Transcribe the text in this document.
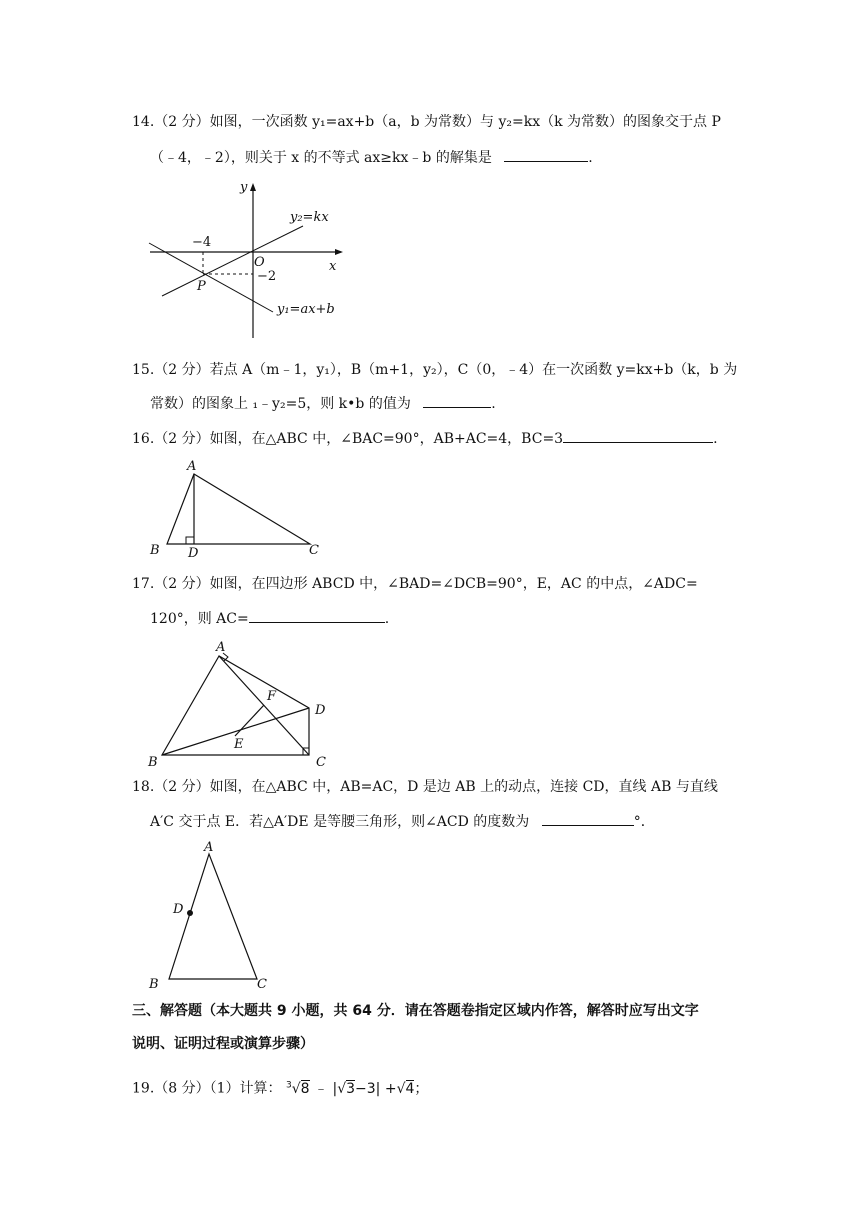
14.（2 分）如图，一次函数 y₁=ax+b（a，b 为常数）与 y₂=kx（k 为常数）的图象交于点 P
（﹣4，﹣2），则关于 x 的不等式 ax≥kx﹣b 的解集是	.
y
x
O
−4
−2
P
y₂=kx
y₁=ax+b
15.（2 分）若点 A（m﹣1，y₁），B（m+1，y₂），C（0，﹣4）在一次函数 y=kx+b（k，b 为
常数）的图象上 ₁﹣y₂=5，则 k•b 的值为	.
16.（2 分）如图，在△ABC 中，∠BAC=90°，AB+AC=4，BC=3	.
A
B D	C
17.（2 分）如图，在四边形 ABCD 中，∠BAD=∠DCB=90°，E，AC 的中点，∠ADC=
120°，则 AC=	.
A
B	C
D
E
F
18.（2 分）如图，在△ABC 中，AB=AC，D 是边 AB 上的动点，连接 CD，直线 AB 与直线
A′C 交于点 E．若△A′DE 是等腰三角形，则∠ACD 的度数为	°．
A
D
B	C
三、解答题（本大题共 9 小题，共 64 分．请在答题卷指定区域内作答，解答时应写出文字
说明、证明过程或演算步骤）
19.（8 分）（1）计算： $^3$√8 ﹣ |√3−3| +√4；
